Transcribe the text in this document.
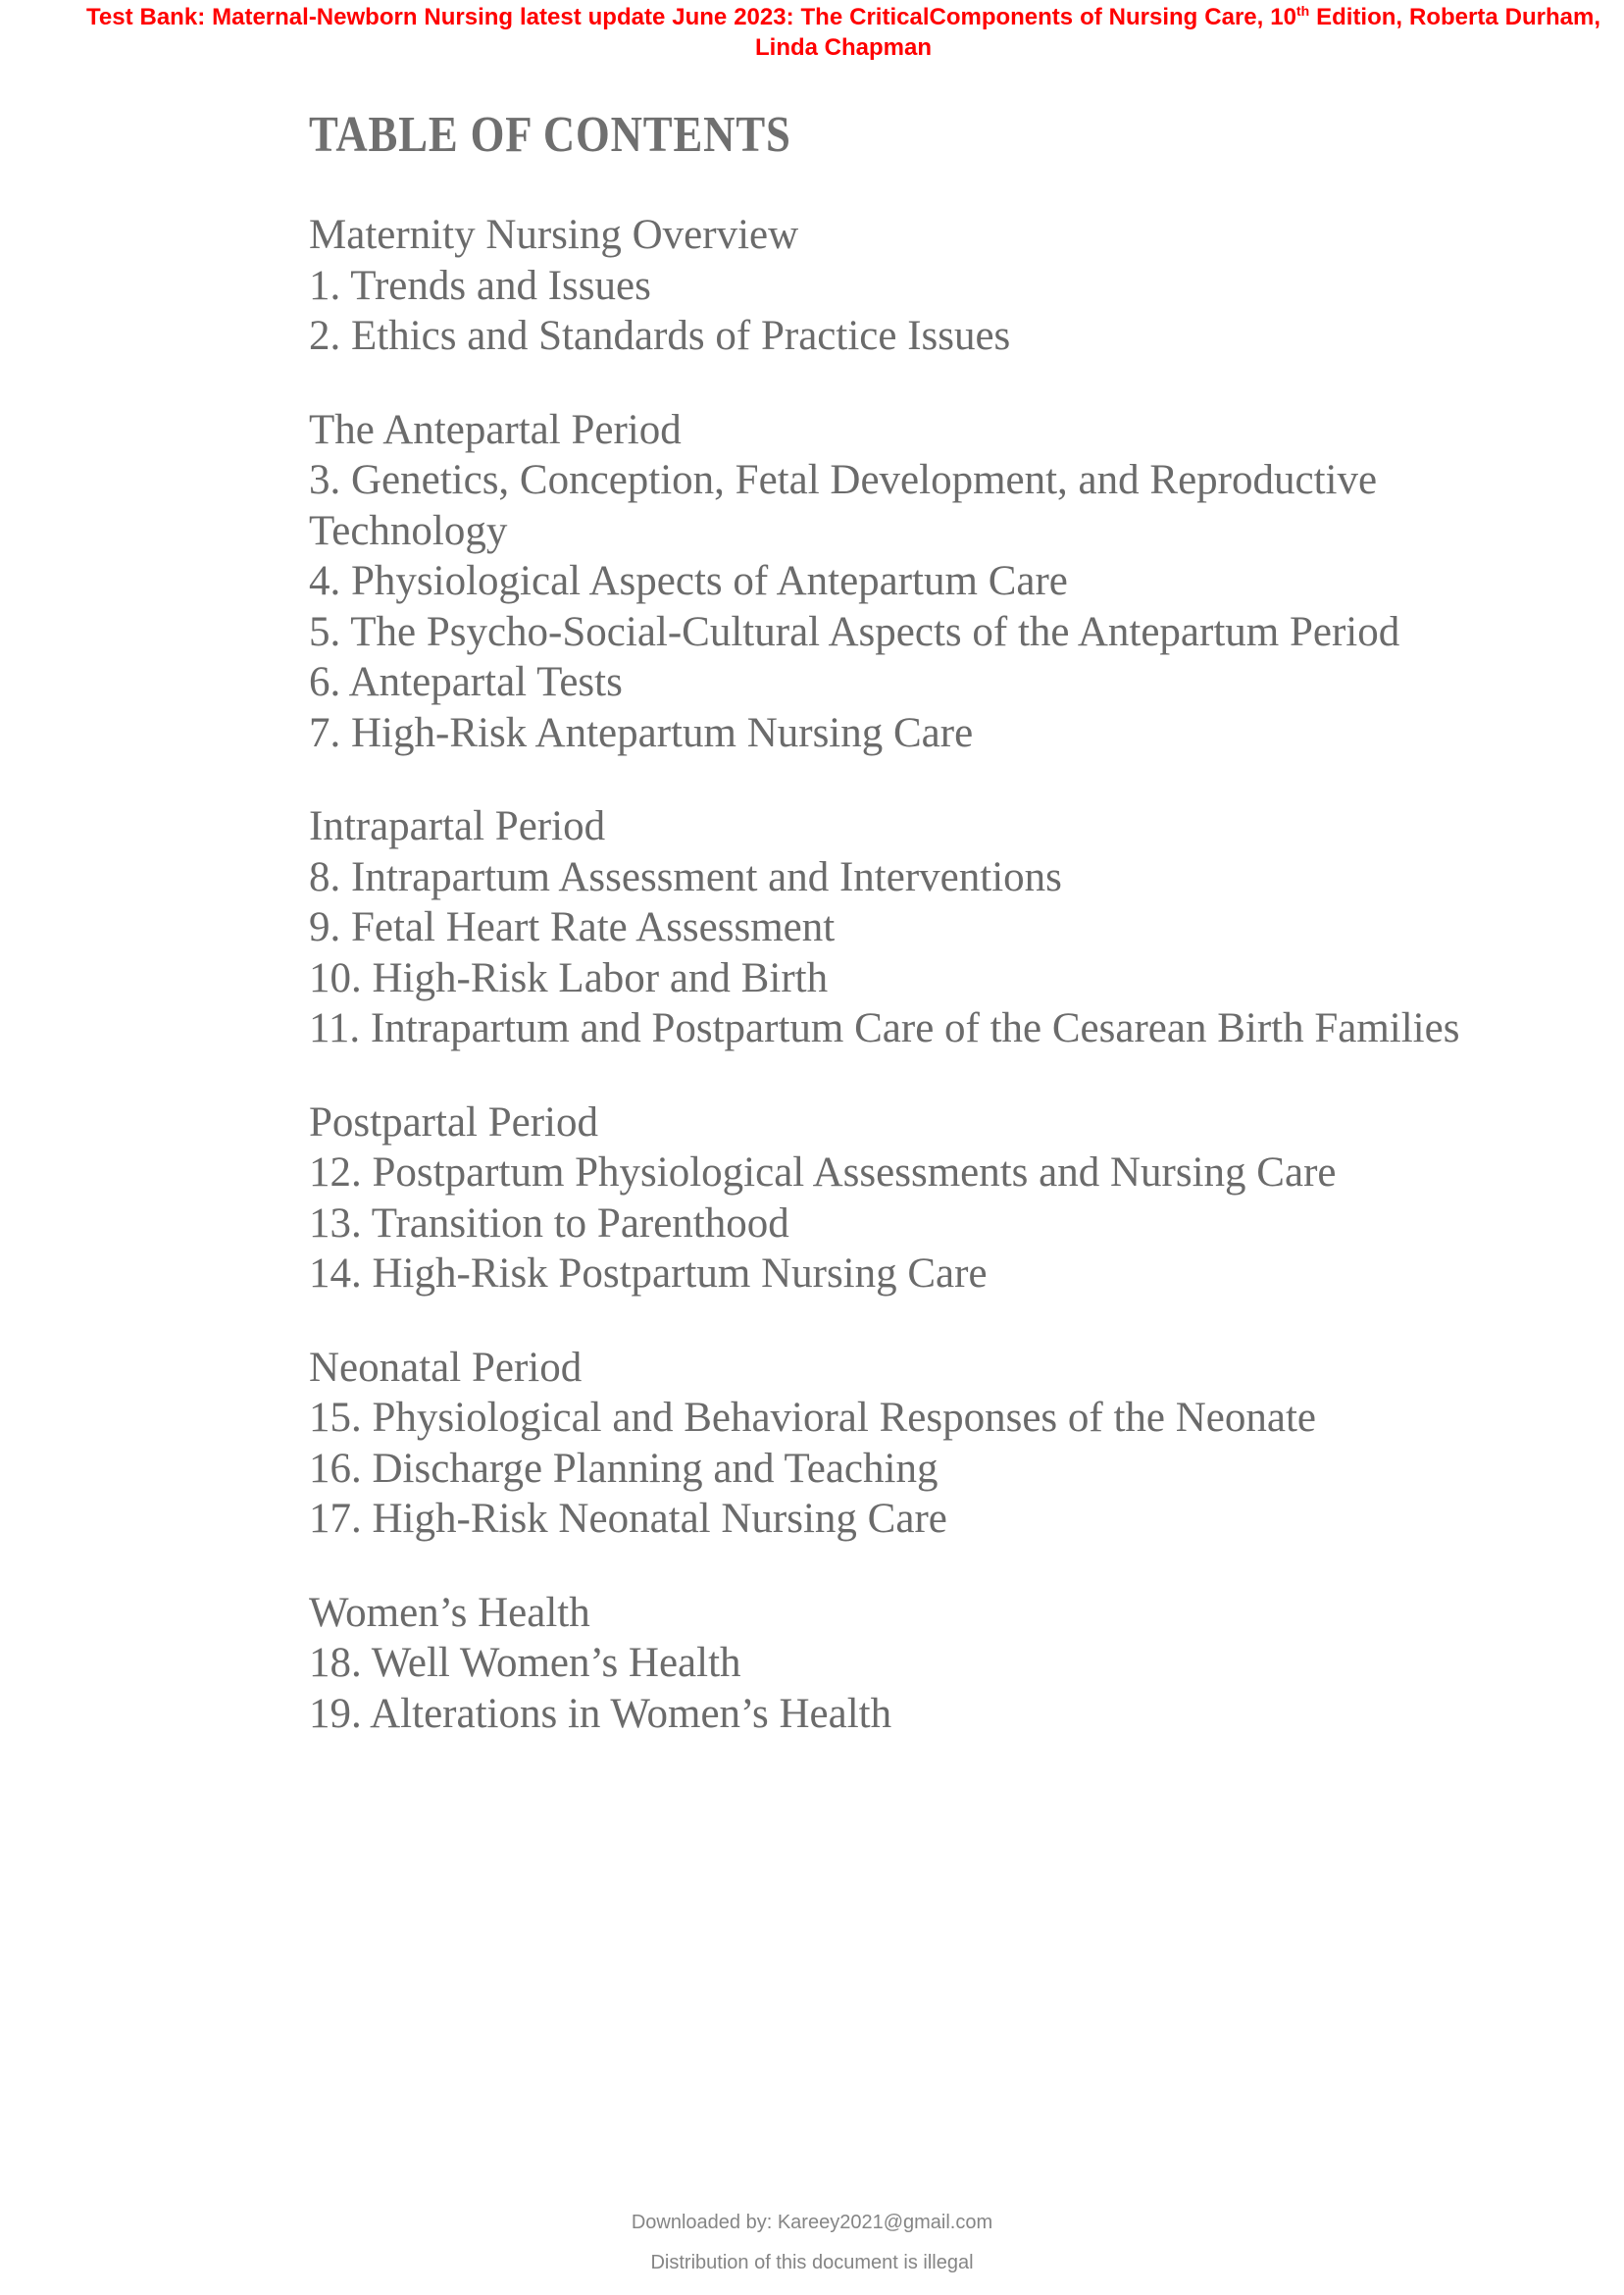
Test Bank: Maternal-Newborn Nursing latest update June 2023: The CriticalComponents of Nursing Care, 10th Edition, Roberta Durham, Linda Chapman
TABLE OF CONTENTS
Maternity Nursing Overview
1. Trends and Issues
2. Ethics and Standards of Practice Issues
The Antepartal Period
3. Genetics, Conception, Fetal Development, and Reproductive Technology
4. Physiological Aspects of Antepartum Care
5. The Psycho-Social-Cultural Aspects of the Antepartum Period
6. Antepartal Tests
7. High-Risk Antepartum Nursing Care
Intrapartal Period
8. Intrapartum Assessment and Interventions
9. Fetal Heart Rate Assessment
10. High-Risk Labor and Birth
11. Intrapartum and Postpartum Care of the Cesarean Birth Families
Postpartal Period
12. Postpartum Physiological Assessments and Nursing Care
13. Transition to Parenthood
14. High-Risk Postpartum Nursing Care
Neonatal Period
15. Physiological and Behavioral Responses of the Neonate
16. Discharge Planning and Teaching
17. High-Risk Neonatal Nursing Care
Women’s Health
18. Well Women’s Health
19. Alterations in Women’s Health
Downloaded by: Kareey2021@gmail.com
Distribution of this document is illegal
